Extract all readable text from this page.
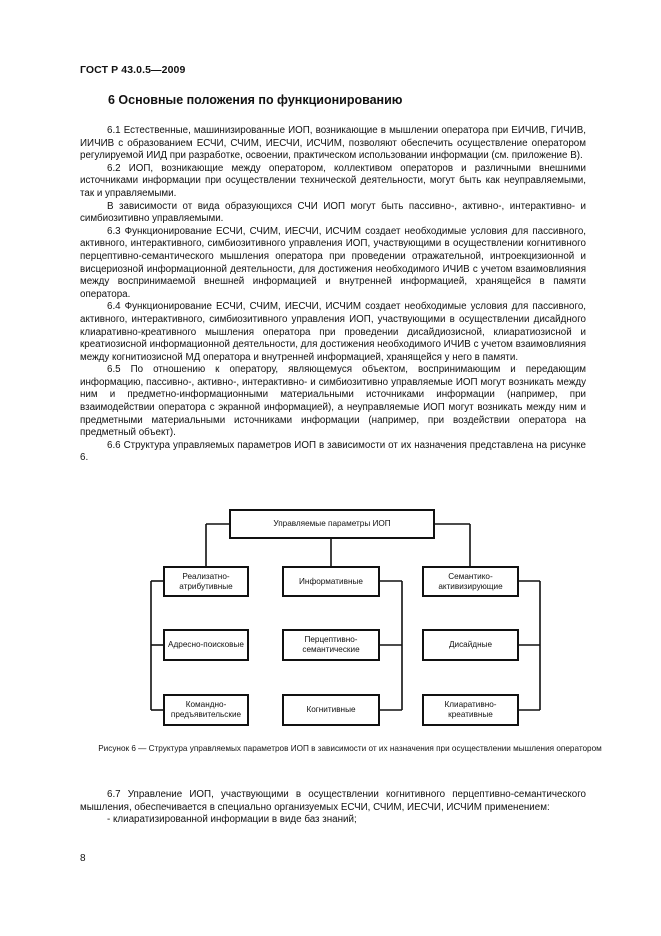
ГОСТ Р 43.0.5—2009
6 Основные положения по функционированию

6.1 Естественные, машинизированные ИОП, возникающие в мышлении оператора при ЕИЧИВ, ГИЧИВ, ИИЧИВ с образованием ЕСЧИ, СЧИМ, ИЕСЧИ, ИСЧИМ, позволяют обеспечить осуществление оператором регулируемой ИИД при разработке, освоении, практическом использовании информации (см. приложение В).

6.2 ИОП, возникающие между оператором, коллективом операторов и различными внешними источниками информации при осуществлении технической деятельности, могут быть как неуправляемыми, так и управляемыми.

В зависимости от вида образующихся СЧИ ИОП могут быть пассивно-, активно-, интерактивно- и симбиозитивно управляемыми.

6.3 Функционирование ЕСЧИ, СЧИМ, ИЕСЧИ, ИСЧИМ создает необходимые условия для пассивного, активного, интерактивного, симбиозитивного управления ИОП, участвующими в осуществлении когнитивного перцептивно-семантического мышления оператора при проведении отражательной, интроекцизионной и висцериозной информационной деятельности, для достижения необходимого ИЧИВ с учетом взаимовлияния между воспринимаемой внешней информацией и внутренней информацией, хранящейся в памяти оператора.

6.4 Функционирование ЕСЧИ, СЧИМ, ИЕСЧИ, ИСЧИМ создает необходимые условия для пассивного, активного, интерактивного, симбиозитивного управления ИОП, участвующими в осуществлении дисайдного клиаративно-креативного мышления оператора при проведении дисайдиозисной, клиаратиозисной и креатиозисной информационной деятельности, для достижения необходимого ИЧИВ с учетом взаимовлияния между когнитиозисной МД оператора и внутренней информацией, хранящейся у него в памяти.

6.5 По отношению к оператору, являющемуся объектом, воспринимающим и передающим информацию, пассивно-, активно-, интерактивно- и симбиозитивно управляемые ИОП могут возникать между ним и предметно-информационными материальными источниками информации (например, при взаимодействии оператора с экранной информацией), а неуправляемые ИОП могут возникать между ним и предметными материальными источниками информации (например, при воздействии оператора на предметный объект).

6.6 Структура управляемых параметров ИОП в зависимости от их назначения представлена на рисунке 6.

Управляемые параметры ИОП
Реализатно-атрибутивные
Адресно-поисковые
Командно-предъявительские
Информативные
Перцептивно-семантические
Когнитивные
Семантико-активизирующие
Дисайдные
Клиаративно-креативные
Рисунок 6 — Структура управляемых параметров ИОП в зависимости от их назначения при осуществлении мышления оператором

6.7 Управление ИОП, участвующими в осуществлении когнитивного перцептивно-семантического мышления, обеспечивается в специально организуемых ЕСЧИ, СЧИМ, ИЕСЧИ, ИСЧИМ применением:

- клиаратизированной информации в виде баз знаний;

8
